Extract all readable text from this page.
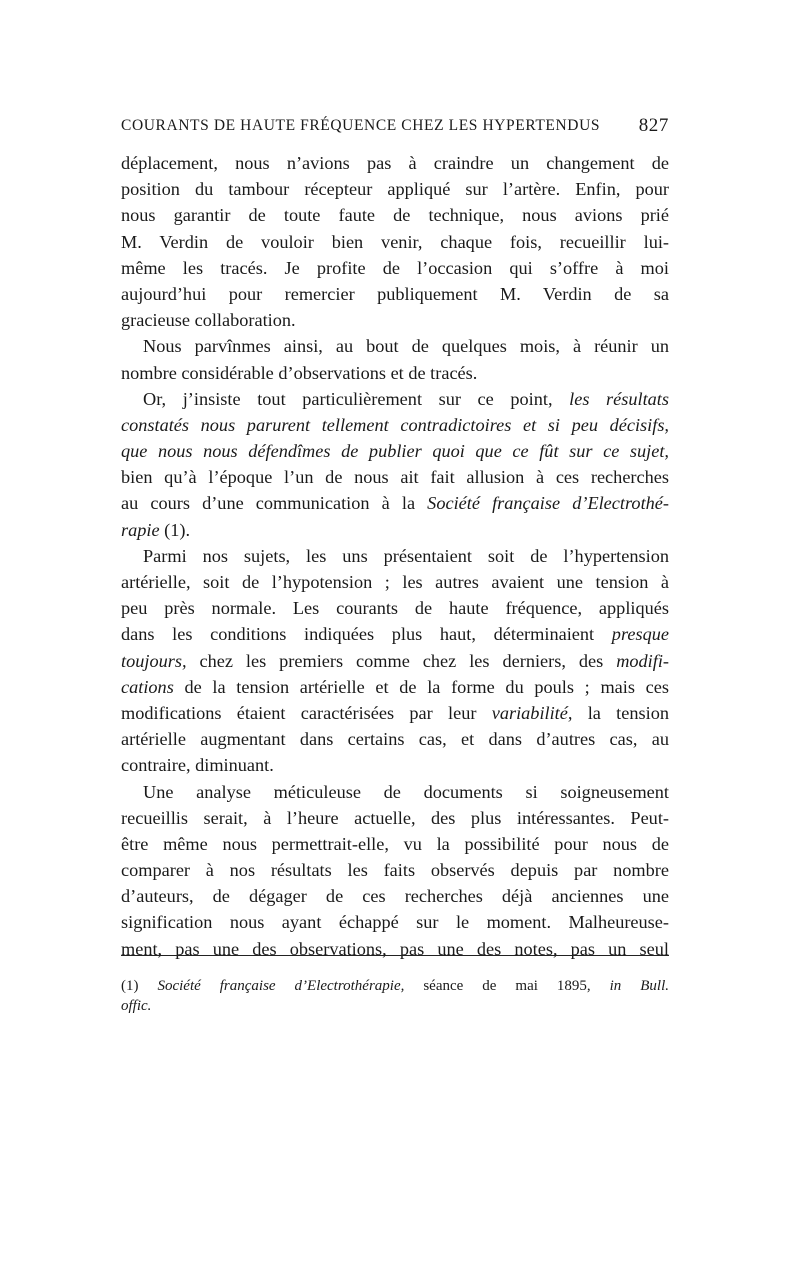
COURANTS DE HAUTE FRÉQUENCE CHEZ LES HYPERTENDUS 827
déplacement, nous n’avions pas à craindre un changement de
position du tambour récepteur appliqué sur l’artère. Enfin, pour
nous garantir de toute faute de technique, nous avions prié
M. Verdin de vouloir bien venir, chaque fois, recueillir lui-
même les tracés. Je profite de l’occasion qui s’offre à moi
aujourd’hui pour remercier publiquement M. Verdin de sa
gracieuse collaboration.
Nous parvînmes ainsi, au bout de quelques mois, à réunir un
nombre considérable d’observations et de tracés.
Or, j’insiste tout particulièrement sur ce point, les résultats
constatés nous parurent tellement contradictoires et si peu décisifs,
que nous nous défendîmes de publier quoi que ce fût sur ce sujet,
bien qu’à l’époque l’un de nous ait fait allusion à ces recherches
au cours d’une communication à la Société française d’Electrothé-
rapie (1).
Parmi nos sujets, les uns présentaient soit de l’hypertension
artérielle, soit de l’hypotension ; les autres avaient une tension à
peu près normale. Les courants de haute fréquence, appliqués
dans les conditions indiquées plus haut, déterminaient presque
toujours, chez les premiers comme chez les derniers, des modifi-
cations de la tension artérielle et de la forme du pouls ; mais ces
modifications étaient caractérisées par leur variabilité, la tension
artérielle augmentant dans certains cas, et dans d’autres cas, au
contraire, diminuant.
Une analyse méticuleuse de documents si soigneusement
recueillis serait, à l’heure actuelle, des plus intéressantes. Peut-
être même nous permettrait-elle, vu la possibilité pour nous de
comparer à nos résultats les faits observés depuis par nombre
d’auteurs, de dégager de ces recherches déjà anciennes une
signification nous ayant échappé sur le moment. Malheureuse-
ment, pas une des observations, pas une des notes, pas un seul
(1) Société française d’Electrothérapie, séance de mai 1895, in Bull.
offic.
